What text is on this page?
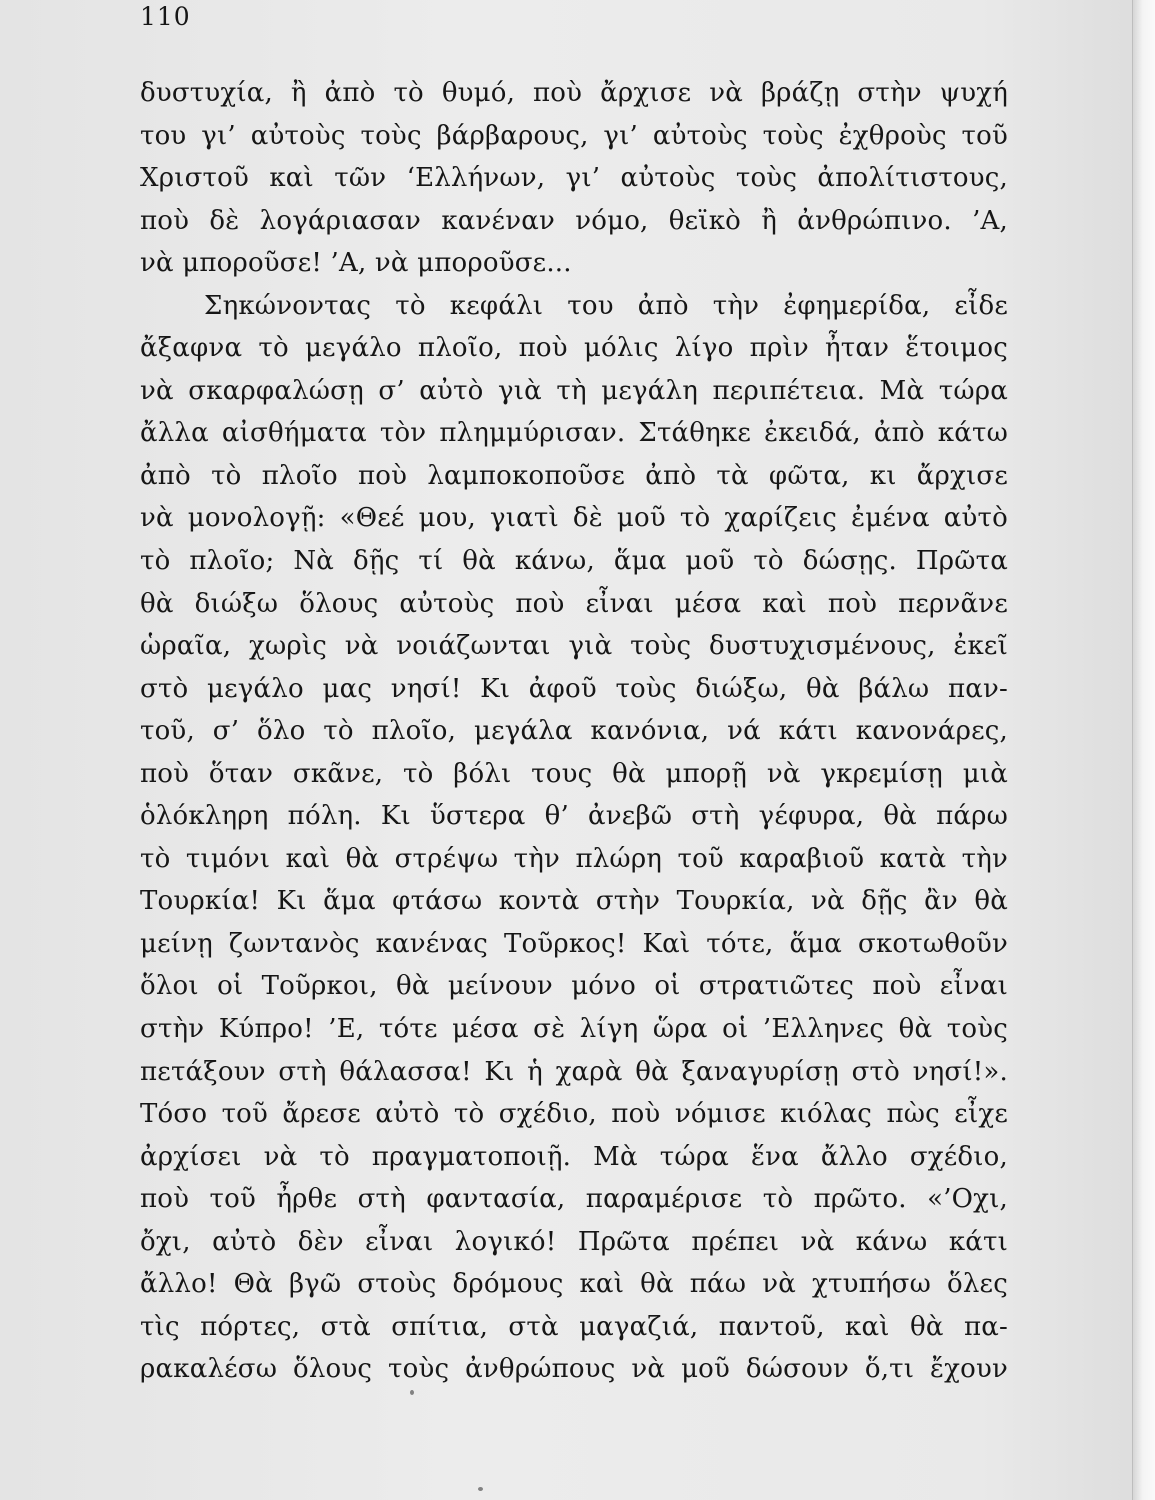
110
δυστυχία, ἢ ἀπὸ τὸ θυμό, ποὺ ἄρχισε νὰ βράζῃ στὴν ψυχή
του γι’ αὐτοὺς τοὺς βάρβαρους, γι’ αὐτοὺς τοὺς ἐχθροὺς τοῦ
Χριστοῦ καὶ τῶν ‘Ελλήνων, γι’ αὐτοὺς τοὺς ἀπολίτιστους,
ποὺ δὲ λογάριασαν κανέναν νόμο, θεϊκὸ ἢ ἀνθρώπινο. ’Α,
νὰ μποροῦσε! ’Α, νὰ μποροῦσε...
Σηκώνοντας τὸ κεφάλι του ἀπὸ τὴν ἐφημερίδα, εἶδε
ἄξαφνα τὸ μεγάλο πλοῖο, ποὺ μόλις λίγο πρὶν ἦταν ἕτοιμος
νὰ σκαρφαλώσῃ σ’ αὐτὸ γιὰ τὴ μεγάλη περιπέτεια. Μὰ τώρα
ἄλλα αἰσθήματα τὸν πλημμύρισαν. Στάθηκε ἐκειδά, ἀπὸ κάτω
ἀπὸ τὸ πλοῖο ποὺ λαμποκοποῦσε ἀπὸ τὰ φῶτα, κι ἄρχισε
νὰ μονολογῇ: «Θεέ μου, γιατὶ δὲ μοῦ τὸ χαρίζεις ἐμένα αὐτὸ
τὸ πλοῖο; Νὰ δῇς τί θὰ κάνω, ἅμα μοῦ τὸ δώσῃς. Πρῶτα
θὰ διώξω ὅλους αὐτοὺς ποὺ εἶναι μέσα καὶ ποὺ περνᾶνε
ὡραῖα, χωρὶς νὰ νοιάζωνται γιὰ τοὺς δυστυχισμένους, ἐκεῖ
στὸ μεγάλο μας νησί! Κι ἀφοῦ τοὺς διώξω, θὰ βάλω παν-
τοῦ, σ’ ὅλο τὸ πλοῖο, μεγάλα κανόνια, νά κάτι κανονάρες,
ποὺ ὅταν σκᾶνε, τὸ βόλι τους θὰ μπορῇ νὰ γκρεμίσῃ μιὰ
ὁλόκληρη πόλη. Κι ὕστερα θ’ ἀνεβῶ στὴ γέφυρα, θὰ πάρω
τὸ τιμόνι καὶ θὰ στρέψω τὴν πλώρη τοῦ καραβιοῦ κατὰ τὴν
Τουρκία! Κι ἅμα φτάσω κοντὰ στὴν Τουρκία, νὰ δῇς ἂν θὰ
μείνῃ ζωντανὸς κανένας Τοῦρκος! Καὶ τότε, ἅμα σκοτωθοῦν
ὅλοι οἱ Τοῦρκοι, θὰ μείνουν μόνο οἱ στρατιῶτες ποὺ εἶναι
στὴν Κύπρο! ’Ε, τότε μέσα σὲ λίγη ὥρα οἱ ’Ελληνες θὰ τοὺς
πετάξουν στὴ θάλασσα! Κι ἡ χαρὰ θὰ ξαναγυρίσῃ στὸ νησί!».
Τόσο τοῦ ἄρεσε αὐτὸ τὸ σχέδιο, ποὺ νόμισε κιόλας πὼς εἶχε
ἀρχίσει νὰ τὸ πραγματοποιῇ. Μὰ τώρα ἕνα ἄλλο σχέδιο,
ποὺ τοῦ ἦρθε στὴ φαντασία, παραμέρισε τὸ πρῶτο. «’Οχι,
ὄχι, αὐτὸ δὲν εἶναι λογικό! Πρῶτα πρέπει νὰ κάνω κάτι
ἄλλο! Θὰ βγῶ στοὺς δρόμους καὶ θὰ πάω νὰ χτυπήσω ὅλες
τὶς πόρτες, στὰ σπίτια, στὰ μαγαζιά, παντοῦ, καὶ θὰ πα-
ρακαλέσω ὅλους τοὺς ἀνθρώπους νὰ μοῦ δώσουν ὅ,τι ἔχουν
